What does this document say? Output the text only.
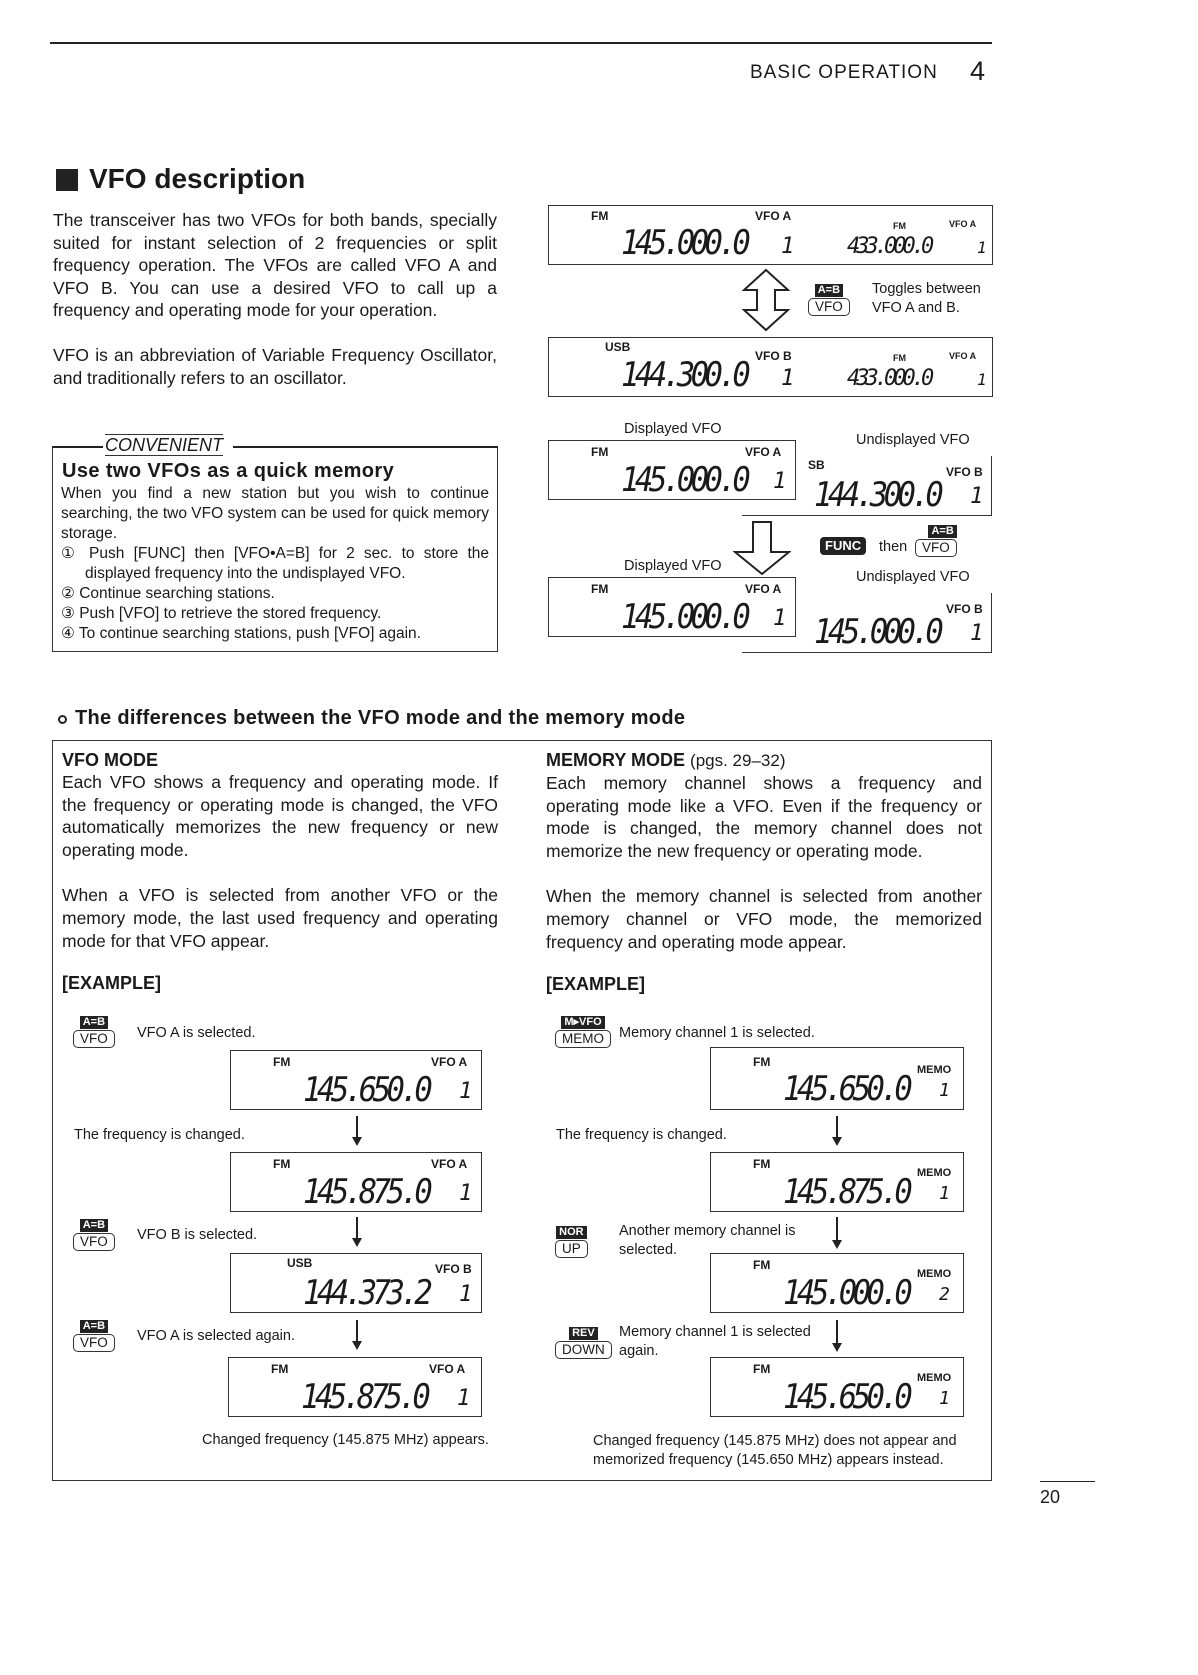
BASIC OPERATION 4
VFO description

The transceiver has two VFOs for both bands, specially suited for instant selection of 2 frequencies or split frequency operation. The VFOs are called VFO A and VFO B. You can use a desired VFO to call up a frequency and operating mode for your operation.

VFO is an abbreviation of Variable Frequency Oscillator, and traditionally refers to an oscillator.

CONVENIENT
Use two VFOs as a quick memory
When you find a new station but you wish to continue searching, the two VFO system can be used for quick memory storage.
① Push [FUNC] then [VFO•A=B] for 2 sec. to store the displayed frequency into the undisplayed VFO.
② Continue searching stations.
③ Push [VFO] to retrieve the stored frequency.
④ To continue searching stations, push [VFO] again.
FM	VFO A
145.000.0 1
FM	VFO A
433.000.0	1
A=B
VFO
Toggles between VFO A and B.
USB
VFO B
144.300.0 1
FM	VFO A
433.000.0	1
Displayed VFO
Undisplayed VFO
SB	VFO B
144.300.0 1
FM	VFO A
145.000.0 1
FUNC	then
A=B
VFO
Displayed VFO
Undisplayed VFO
VFO B
145.000.0 1
FM	VFO A
145.000.0 1
The differences between the VFO mode and the memory mode
VFO MODE

Each VFO shows a frequency and operating mode. If the frequency or operating mode is changed, the VFO automatically memorizes the new frequency or new operating mode.

When a VFO is selected from another VFO or the memory mode, the last used frequency and operating mode for that VFO appear.

[EXAMPLE]
MEMORY MODE (pgs. 29–32)

Each memory channel shows a frequency and operating mode like a VFO. Even if the frequency or mode is changed, the memory channel does not memorize the new frequency or operating mode.

When the memory channel is selected from another memory channel or VFO mode, the memorized frequency and operating mode appear.

[EXAMPLE]
A=B
VFO	VFO A is selected.
FM	VFO A
145.650.0 1
The frequency is changed.
FM	VFO A
145.875.0 1
A=B
VFO	VFO B is selected.
USB	VFO B
144.373.2 1
A=B
VFO	VFO A is selected again.
FM	VFO A
145.875.0 1
Changed frequency (145.875 MHz) appears.
M▸VFO
MEMO	Memory channel 1 is selected.
FM
MEMO
145.650.0 1
The frequency is changed.
FM
MEMO
145.875.0 1
NOR
UP
Another memory channel is selected.
FM
MEMO
145.000.0 2
REV
DOWN
Memory channel 1 is selected again.
FM
MEMO
145.650.0 1
Changed frequency (145.875 MHz) does not appear and memorized frequency (145.650 MHz) appears instead.
20
